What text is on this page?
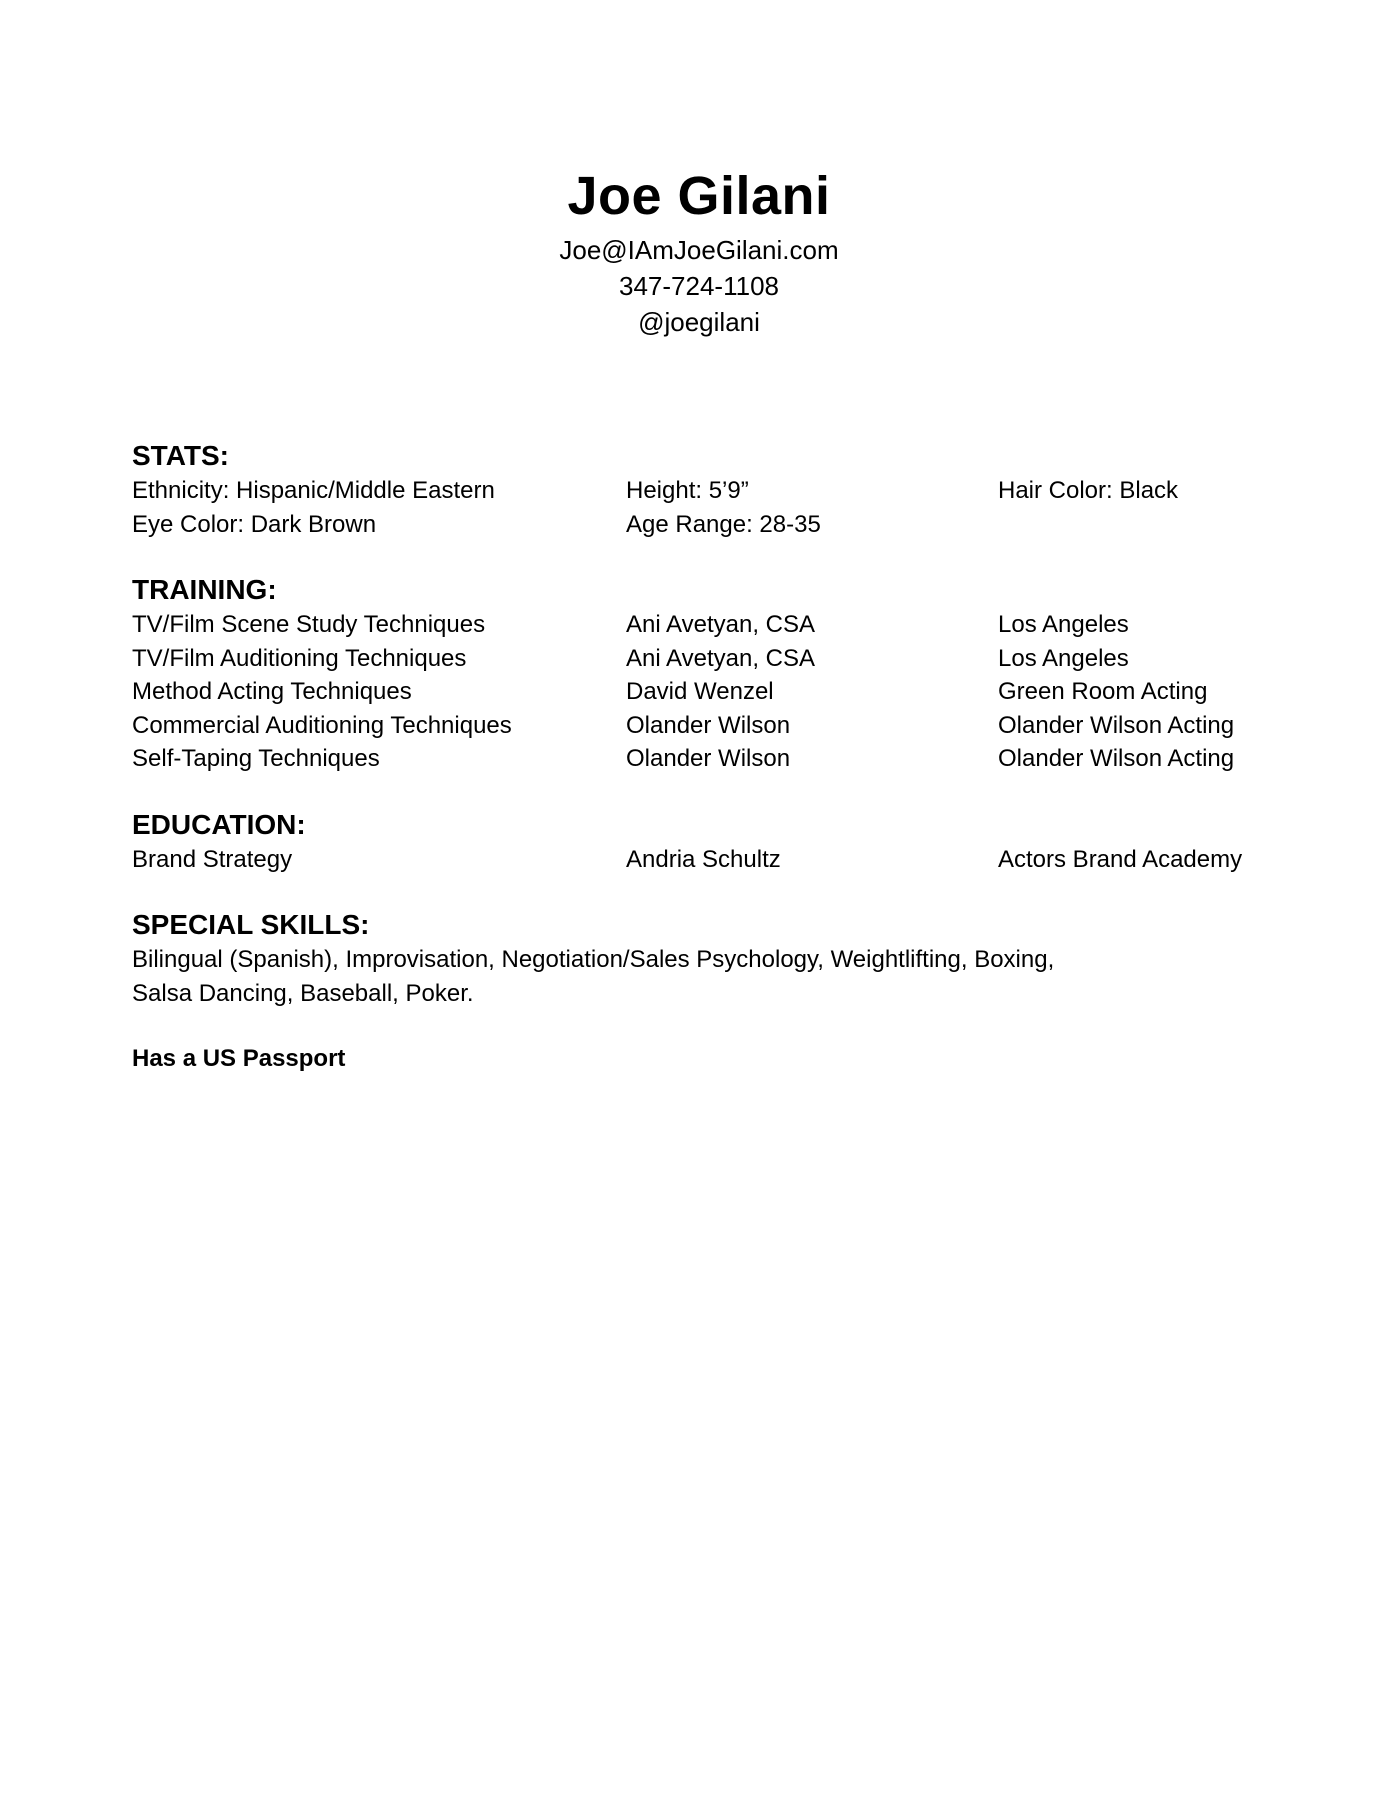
Joe Gilani

Joe@IAmJoeGilani.com

347-724-1108

@joegilani

STATS:
Ethnicity: Hispanic/Middle Eastern	Height: 5’9”	Hair Color: Black
Eye Color: Dark Brown	Age Range: 28-35
TRAINING:
TV/Film Scene Study Techniques	Ani Avetyan, CSA	Los Angeles
TV/Film Auditioning Techniques	Ani Avetyan, CSA	Los Angeles
Method Acting Techniques	David Wenzel	Green Room Acting
Commercial Auditioning Techniques	Olander Wilson	Olander Wilson Acting
Self-Taping Techniques	Olander Wilson	Olander Wilson Acting
EDUCATION:
Brand Strategy	Andria Schultz	Actors Brand Academy
SPECIAL SKILLS:

Bilingual (Spanish), Improvisation, Negotiation/Sales Psychology, Weightlifting, Boxing,

Salsa Dancing, Baseball, Poker.

Has a US Passport
